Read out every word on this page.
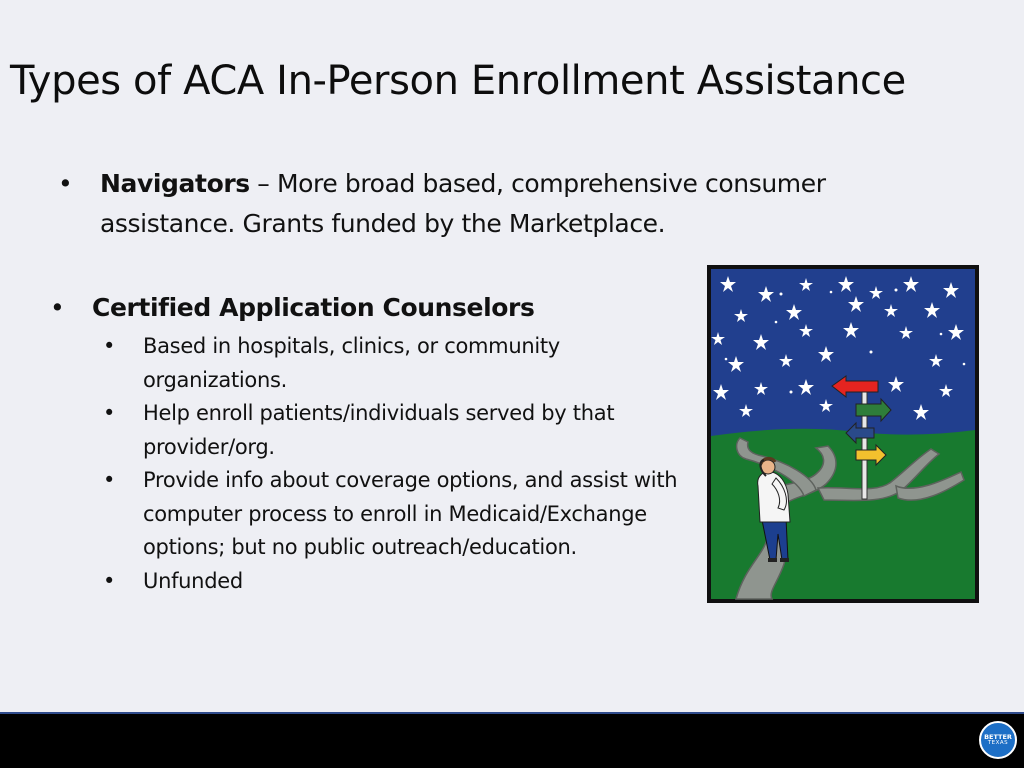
Types of ACA In-Person Enrollment Assistance
•	Navigators – More broad based, comprehensive consumer assistance. Grants funded by the Marketplace.
•	Certified Application Counselors
•	Based in hospitals, clinics, or community organizations.
•	Help enroll patients/individuals served by that provider/org.
•	Provide info about coverage options, and assist with computer process to enroll in Medicaid/Exchange options; but no public outreach/education.
•	Unfunded
BETTER
TEXAS
